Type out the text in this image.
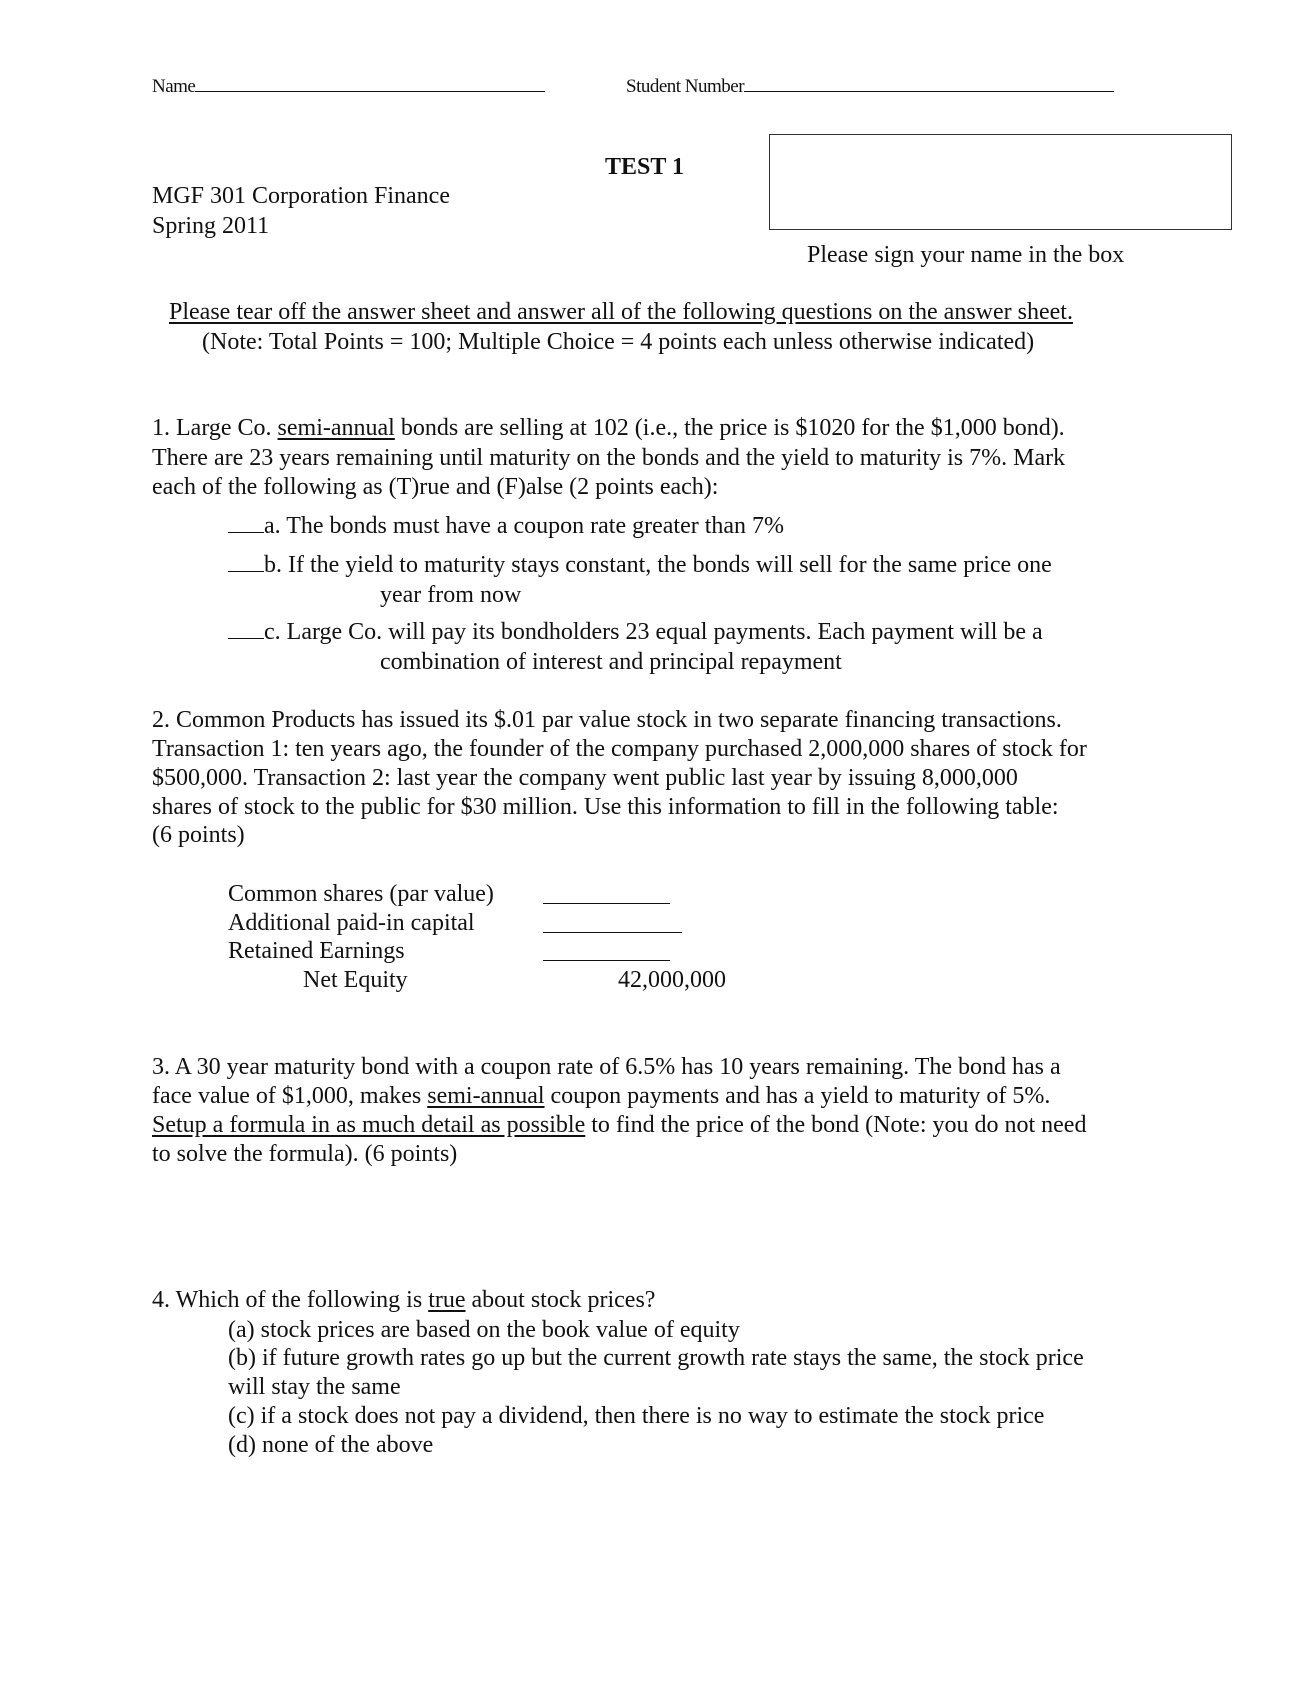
Name	Student Number
TEST 1
MGF 301 Corporation Finance
Spring 2011
Please sign your name in the box
Please tear off the answer sheet and answer all of the following questions on the answer sheet.
(Note: Total Points = 100; Multiple Choice = 4 points each unless otherwise indicated)
1. Large Co. semi-annual bonds are selling at 102 (i.e., the price is $1020 for the $1,000 bond).
There are 23 years remaining until maturity on the bonds and the yield to maturity is 7%. Mark
each of the following as (T)rue and (F)alse (2 points each):
a. The bonds must have a coupon rate greater than 7%
b. If the yield to maturity stays constant, the bonds will sell for the same price one
year from now
c. Large Co. will pay its bondholders 23 equal payments. Each payment will be a
combination of interest and principal repayment
2. Common Products has issued its $.01 par value stock in two separate financing transactions.
Transaction 1: ten years ago, the founder of the company purchased 2,000,000 shares of stock for
$500,000. Transaction 2: last year the company went public last year by issuing 8,000,000
shares of stock to the public for $30 million. Use this information to fill in the following table:
(6 points)
Common shares (par value)
Additional paid-in capital
Retained Earnings
Net Equity	42,000,000
3. A 30 year maturity bond with a coupon rate of 6.5% has 10 years remaining. The bond has a
face value of $1,000, makes semi-annual coupon payments and has a yield to maturity of 5%.
Setup a formula in as much detail as possible to find the price of the bond (Note: you do not need
to solve the formula). (6 points)
4. Which of the following is true about stock prices?
(a) stock prices are based on the book value of equity
(b) if future growth rates go up but the current growth rate stays the same, the stock price
will stay the same
(c) if a stock does not pay a dividend, then there is no way to estimate the stock price
(d) none of the above
